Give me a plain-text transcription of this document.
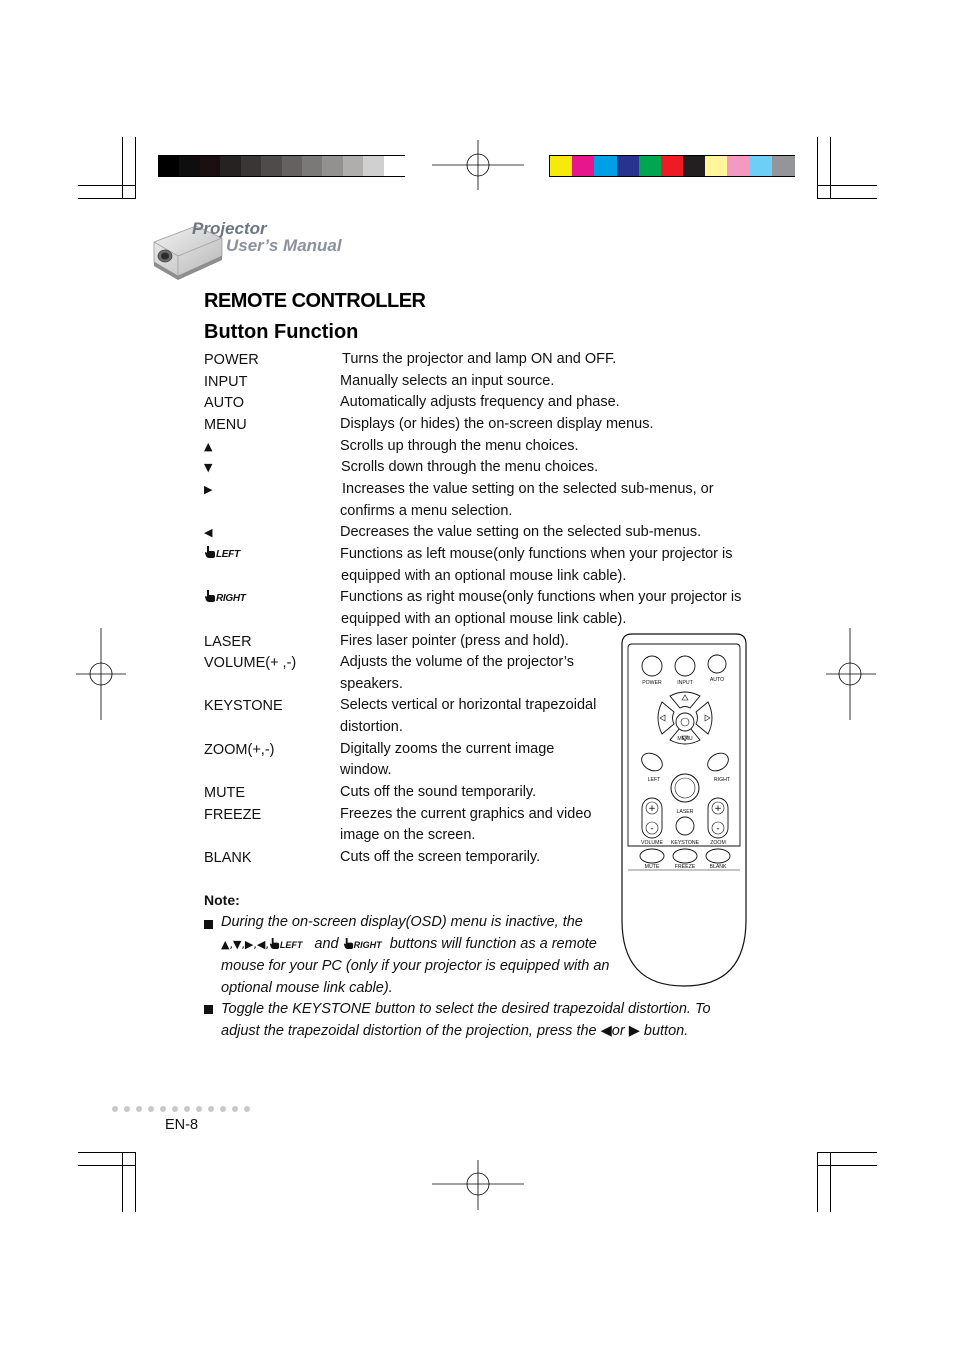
Projector
User’s Manual
REMOTE CONTROLLER
Button Function
POWER	Turns the projector and lamp ON and OFF.
INPUT	Manually selects an input source.
AUTO	Automatically adjusts frequency and phase.
MENU	Displays (or hides) the on-screen display menus.
▲	Scrolls up through the menu choices.
▼	Scrolls down through the menu choices.
▶	Increases the value setting on the selected sub-menus, or
confirms a menu selection.
◀	Decreases the value setting on the selected sub-menus.
LEFT	Functions as left mouse(only functions when your projector is
equipped with an optional mouse link cable).
RIGHT	Functions as right mouse(only functions when your projector is
equipped with an optional mouse link cable).
LASER	Fires laser pointer (press and hold).
VOLUME(+ ,-)	Adjusts the volume of the projector’s
speakers.
KEYSTONE	Selects vertical or horizontal trapezoidal
distortion.
ZOOM(+,-)	Digitally zooms the current image
window.
MUTE	Cuts off the sound temporarily.
FREEZE	Freezes the current graphics and video
image on the screen.
BLANK	Cuts off the screen temporarily.
+
-
+
-
POWER	INPUT	AUTO
MENU
LEFT	RIGHT
LASER
VOLUME KEYSTONE ZOOM
MUTE	FREEZE	BLANK
Note:
During the on-screen display(OSD) menu is inactive, the
▲,▼,▶,◀, LEFT and RIGHT buttons will function as a remote
mouse for your PC (only if your projector is equipped with an
optional mouse link cable).
Toggle the KEYSTONE button to select the desired trapezoidal distortion. To
adjust the trapezoidal distortion of the projection, press the ◀or ▶ button.
EN-8
